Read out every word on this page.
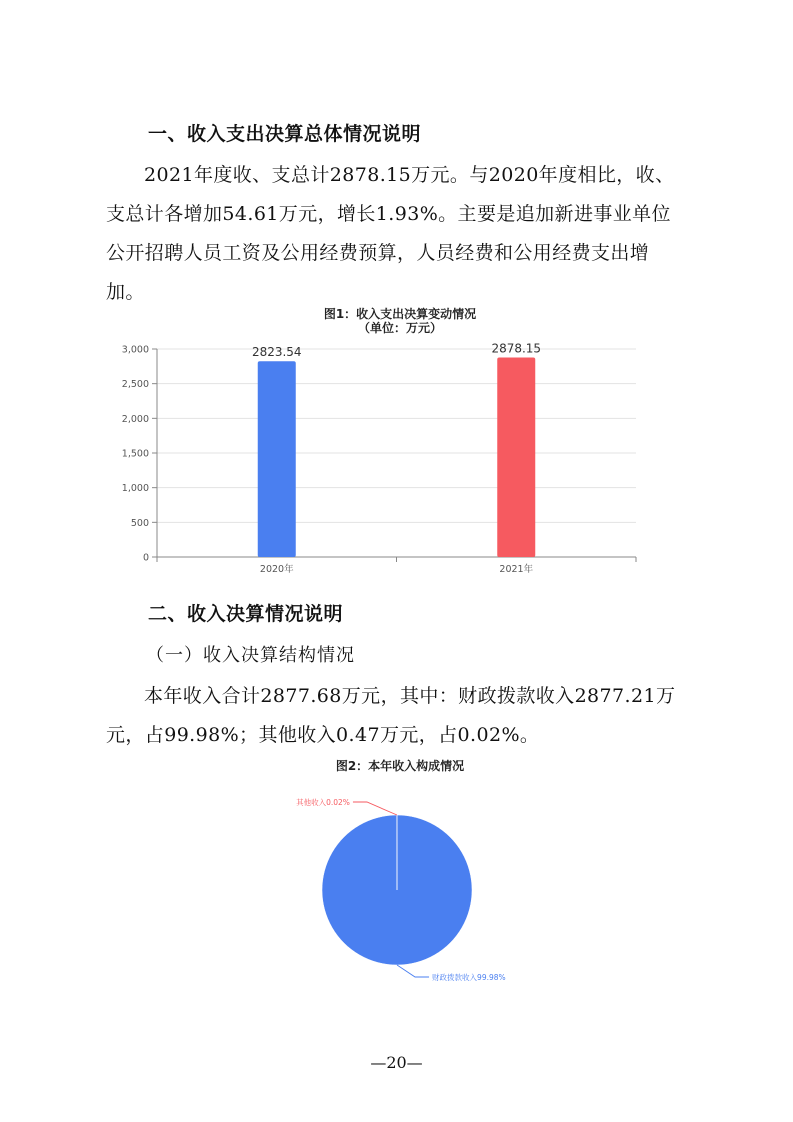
一、收入支出决算总体情况说明
2021年度收、支总计2878.15万元。与2020年度相比，收、
支总计各增加54.61万元，增长1.93%。主要是追加新进事业单位
公开招聘人员工资及公用经费预算，人员经费和公用经费支出增
加。
图1：收入支出决算变动情况
（单位：万元）
0
500
1,000
1,500
2,000
2,500
3,000	2823.54
2020年
2878.15
2021年
二、收入决算情况说明
（一）收入决算结构情况
本年收入合计2877.68万元，其中：财政拨款收入2877.21万
元，占99.98%；其他收入0.47万元，占0.02%。
图2：本年收入构成情况
财政拨款收入99.98%
其他收入0.02%
—20—
